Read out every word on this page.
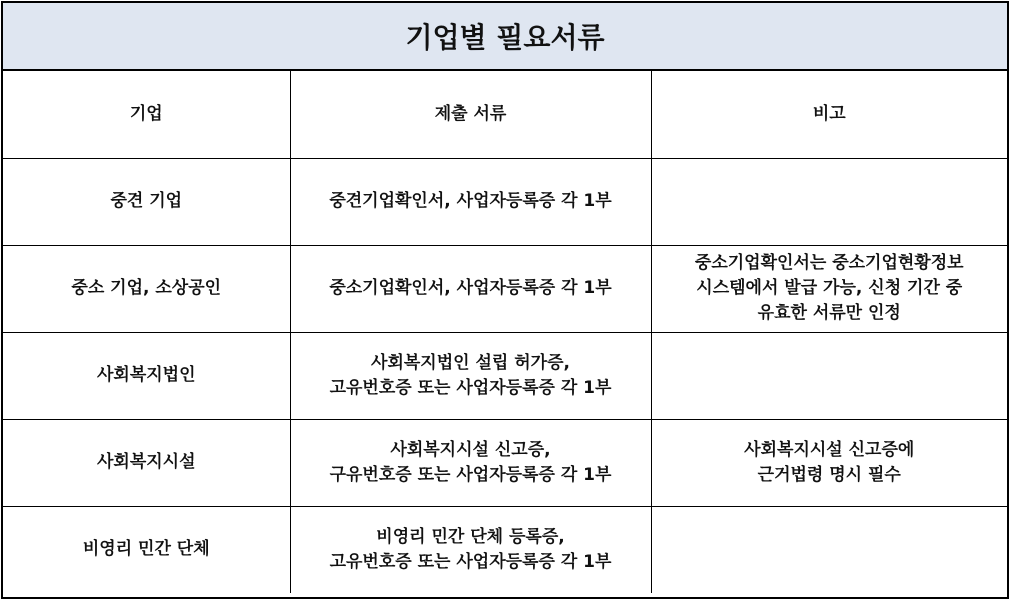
기업별 필요서류
기업	제출 서류	비고
중견 기업	중견기업확인서, 사업자등록증 각 1부	

중소 기업, 소상공인	중소기업확인서, 사업자등록증 각 1부	중소기업확인서는 중소기업현황정보
시스템에서 발급 가능, 신청 기간 중
유효한 서류만 인정

사회복지법인	사회복지법인 설립 허가증,
고유번호증 또는 사업자등록증 각 1부	

사회복지시설	사회복지시설 신고증,
구유번호증 또는 사업자등록증 각 1부	사회복지시설 신고증에
근거법령 명시 필수

비영리 민간 단체	비영리 민간 단체 등록증,
고유번호증 또는 사업자등록증 각 1부	
